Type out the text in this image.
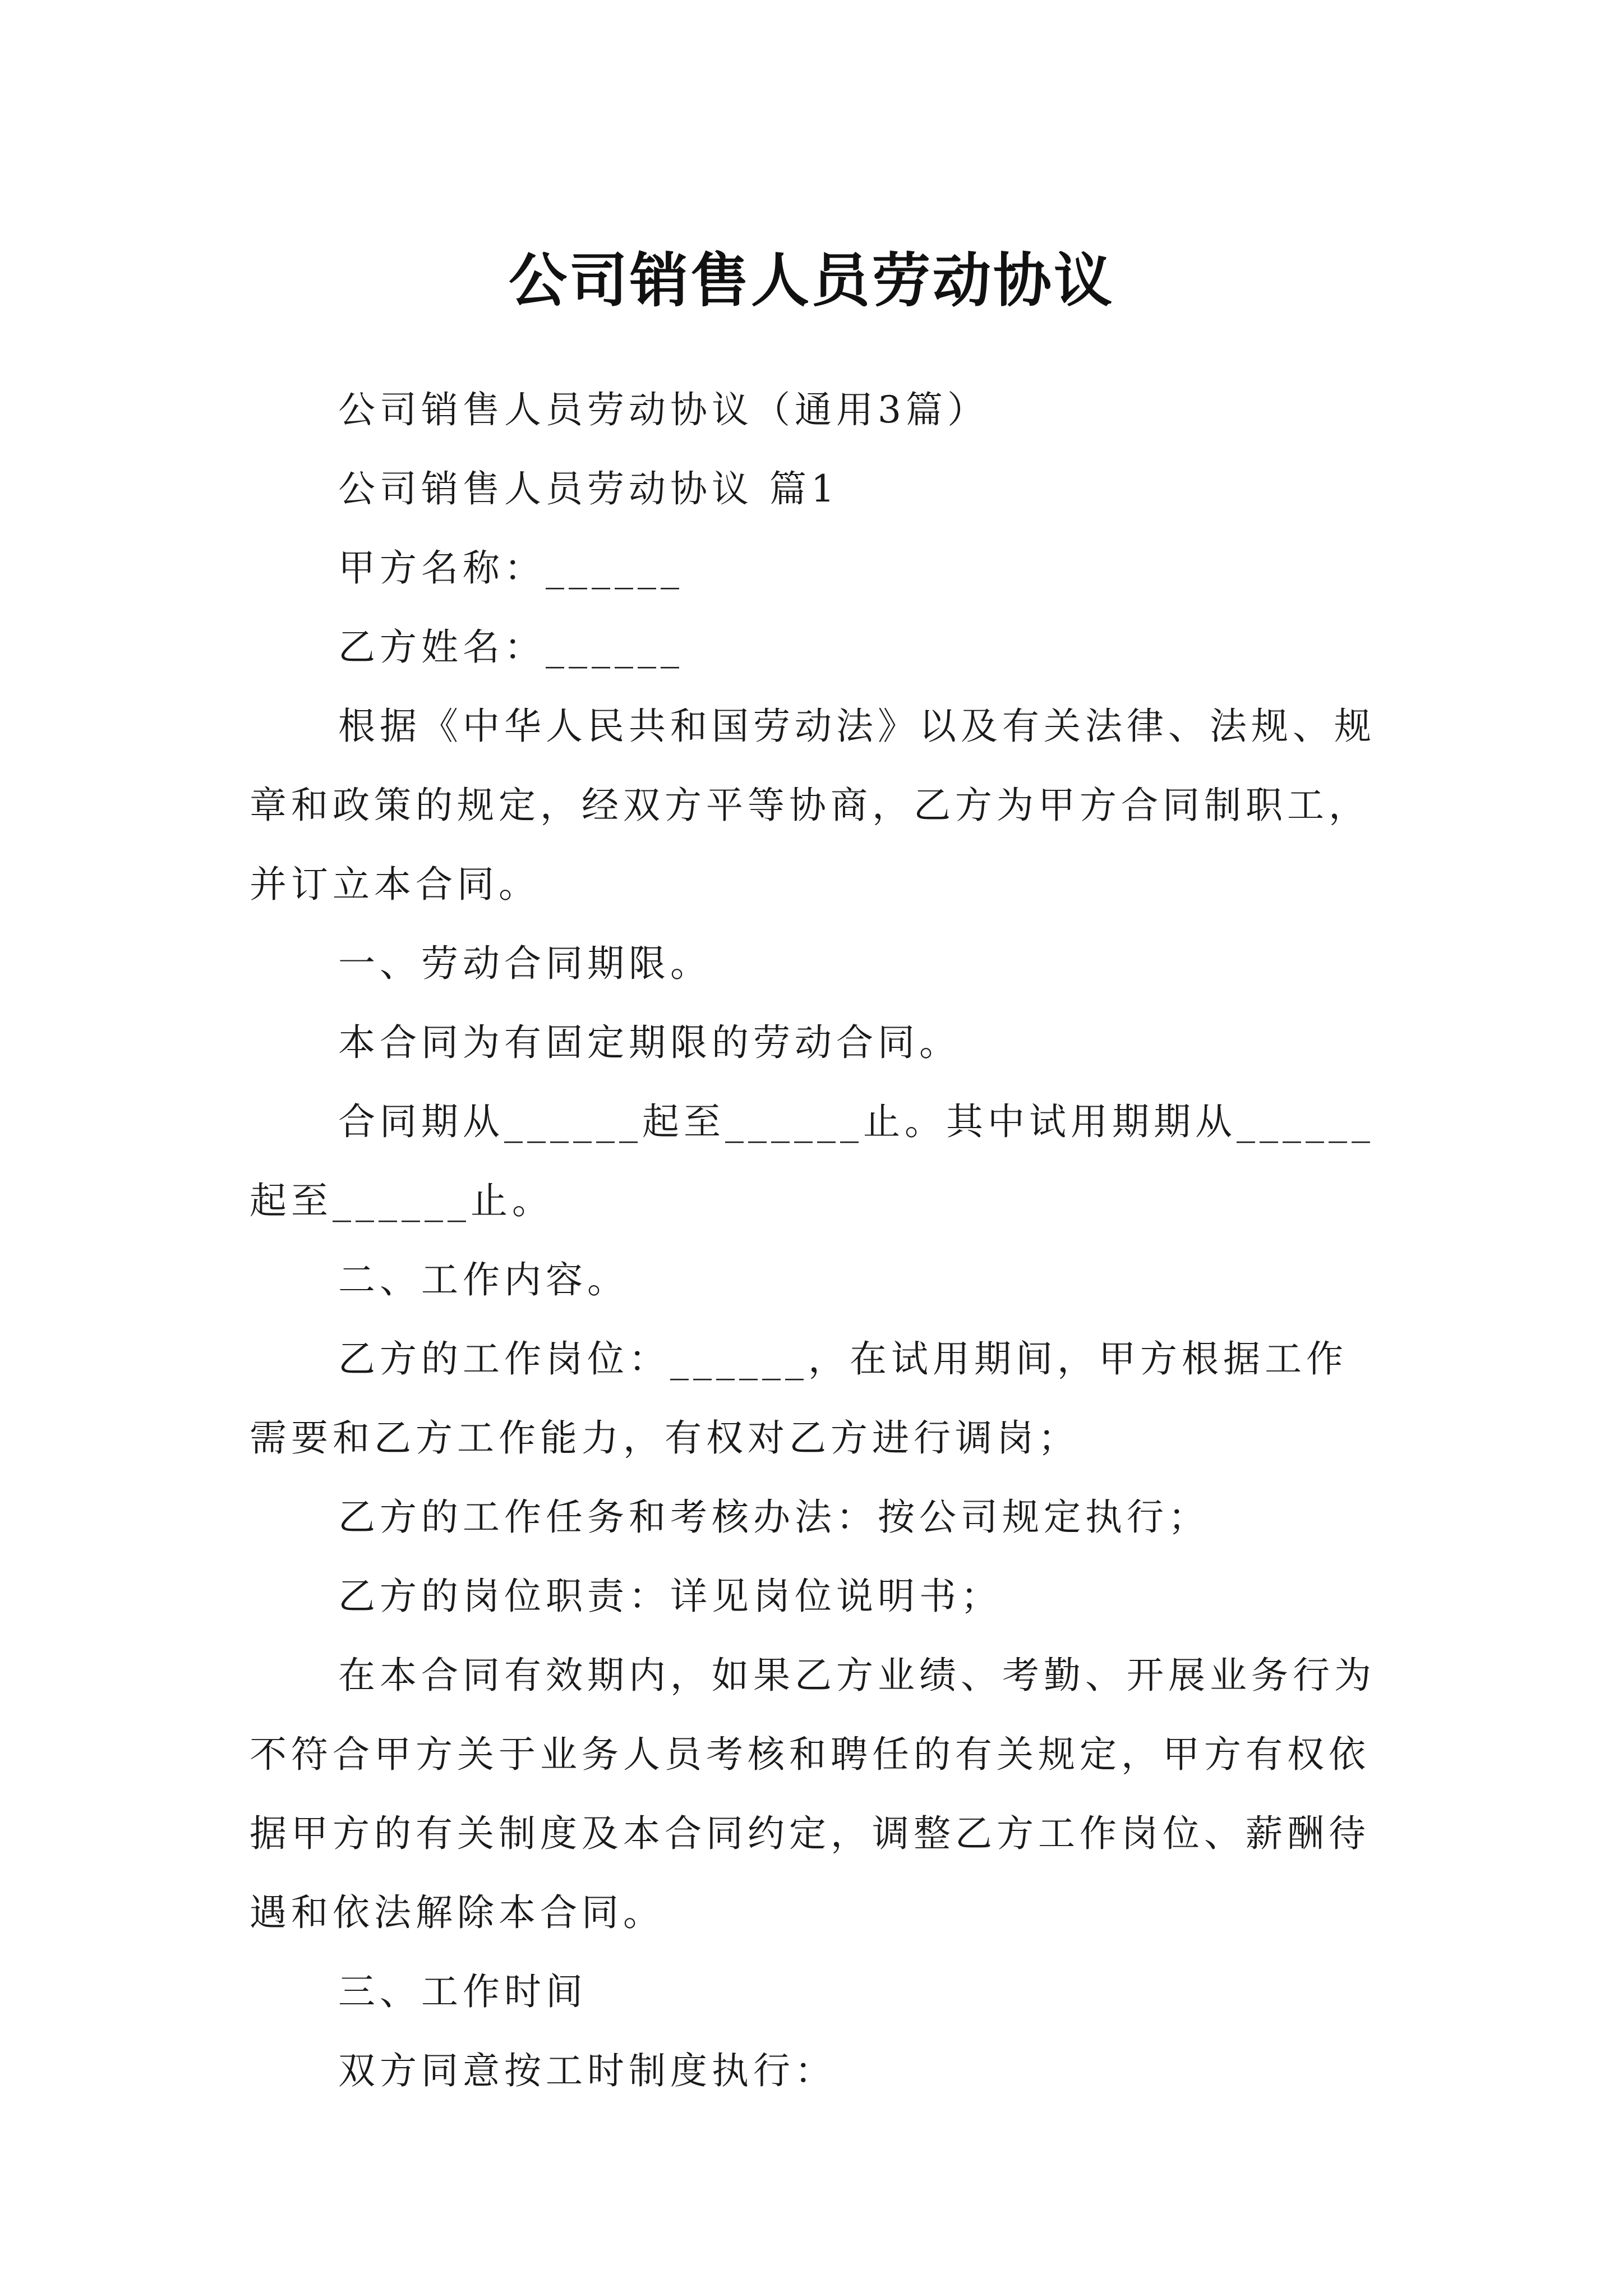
公司销售人员劳动协议

公司销售人员劳动协议（通用3篇）

公司销售人员劳动协议 篇1

甲方名称：______

乙方姓名：______

根据《中华人民共和国劳动法》以及有关法律、法规、规章和政策的规定，经双方平等协商，乙方为甲方合同制职工，并订立本合同。

一、劳动合同期限。

本合同为有固定期限的劳动合同。

合同期从______起至______止。其中试用期期从______起至______止。

二、工作内容。

乙方的工作岗位：______，在试用期间，甲方根据工作需要和乙方工作能力，有权对乙方进行调岗；

乙方的工作任务和考核办法：按公司规定执行；

乙方的岗位职责：详见岗位说明书；

在本合同有效期内，如果乙方业绩、考勤、开展业务行为不符合甲方关于业务人员考核和聘任的有关规定，甲方有权依据甲方的有关制度及本合同约定，调整乙方工作岗位、薪酬待遇和依法解除本合同。

三、工作时间

双方同意按工时制度执行：
